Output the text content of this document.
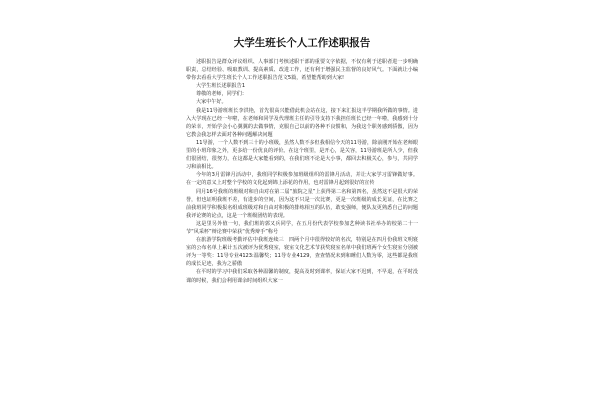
大学生班长个人工作述职报告

述职报告是群众评议组织、人事部门考核述职干部的重要文字依据，不仅有利于述职者进一步明确职责，总结经验、吸取教训、提高素质、改进工作，还有利于增强民主监督的良好风气。下面就让小编带你去看看大学生班长个人工作述职报告范文5篇，希望能帮助到大家!

大学生班长述职报告1

尊敬的老师，同学们：

大家中午好。

我是11导游班班长李洪艳，首先很高兴能借此机会站在这，接下来汇报这半学期我所做的事情。进入大学现在已经一年啦，在老师和同学及代理班主任的引导支持下我担任班长已经一年啦，我感到十分的荣幸，开始学会小心翼翼的去做事情，克服自己以前的各种不良惯和，为我这个职务感到骄傲，因为它教会我怎样去面对各种问题解决问题

11导游，一个人数不到三十的小班级，虽然人数不多但我相信今天的11导游，除前刚开始在老师眼里的小班印象之外，更多给一份优良的评价。在这个班里，是开心，是关容，11导游班是所人少，但我们很团结，很努力，在这都是大家能看到的，在我们班不论是大小事，都回去积极关心，参与，共同学习和前相比。

今年的3月雷锋月活动中，我班同学积极参加班级组织的雷锋月活动，并让大家学习雷锋做好事。在一定的意义上对整个学校的文化起到锦上添花的作用，也对雷锋月起到很好的宣传

同月16号我班的班级对和自由对在第二届“旅院之星”上获得第二名和第四名，虽然这不是很大的荣誉，但也证明我班不差，有进步的空间，因为这不只是一次比赛，更是一次班级的成长见证，在比赛之前我班同学积极报名组成班级对和自由对积极的排练相互的队伍，敢变强师，便队友更熟悉自己的问题我评论赛的论点，这是一个班级团结的表现。

这是里另外值一句，我们班的郭又兵同学，在五月份代表学校参加艺种读书社举办的校第二十一节“风采杯”辩论赛中荣获“优秀辩手”称号

在旅游学院班级考勤评估中我班连续三　四两个月中很得较好的名次，特别是在四月份我班文明寝室的公布名单上累计五次被评为优秀寝室，寝室文化艺术节获奖寝室名单中我们班两个女生寝室分别被评为一等奖：11导专业4123:温馨奖；11导专业4129，查查情况未到和睡们人数为零，这些都是我班的成长足迹，我为之骄傲

在平时的学习中我们采取各种温馨的制度，提高及时到课率，保证大家不迟到，不早退，在平时没课的时候，我们会利用课余时间组织大家一
